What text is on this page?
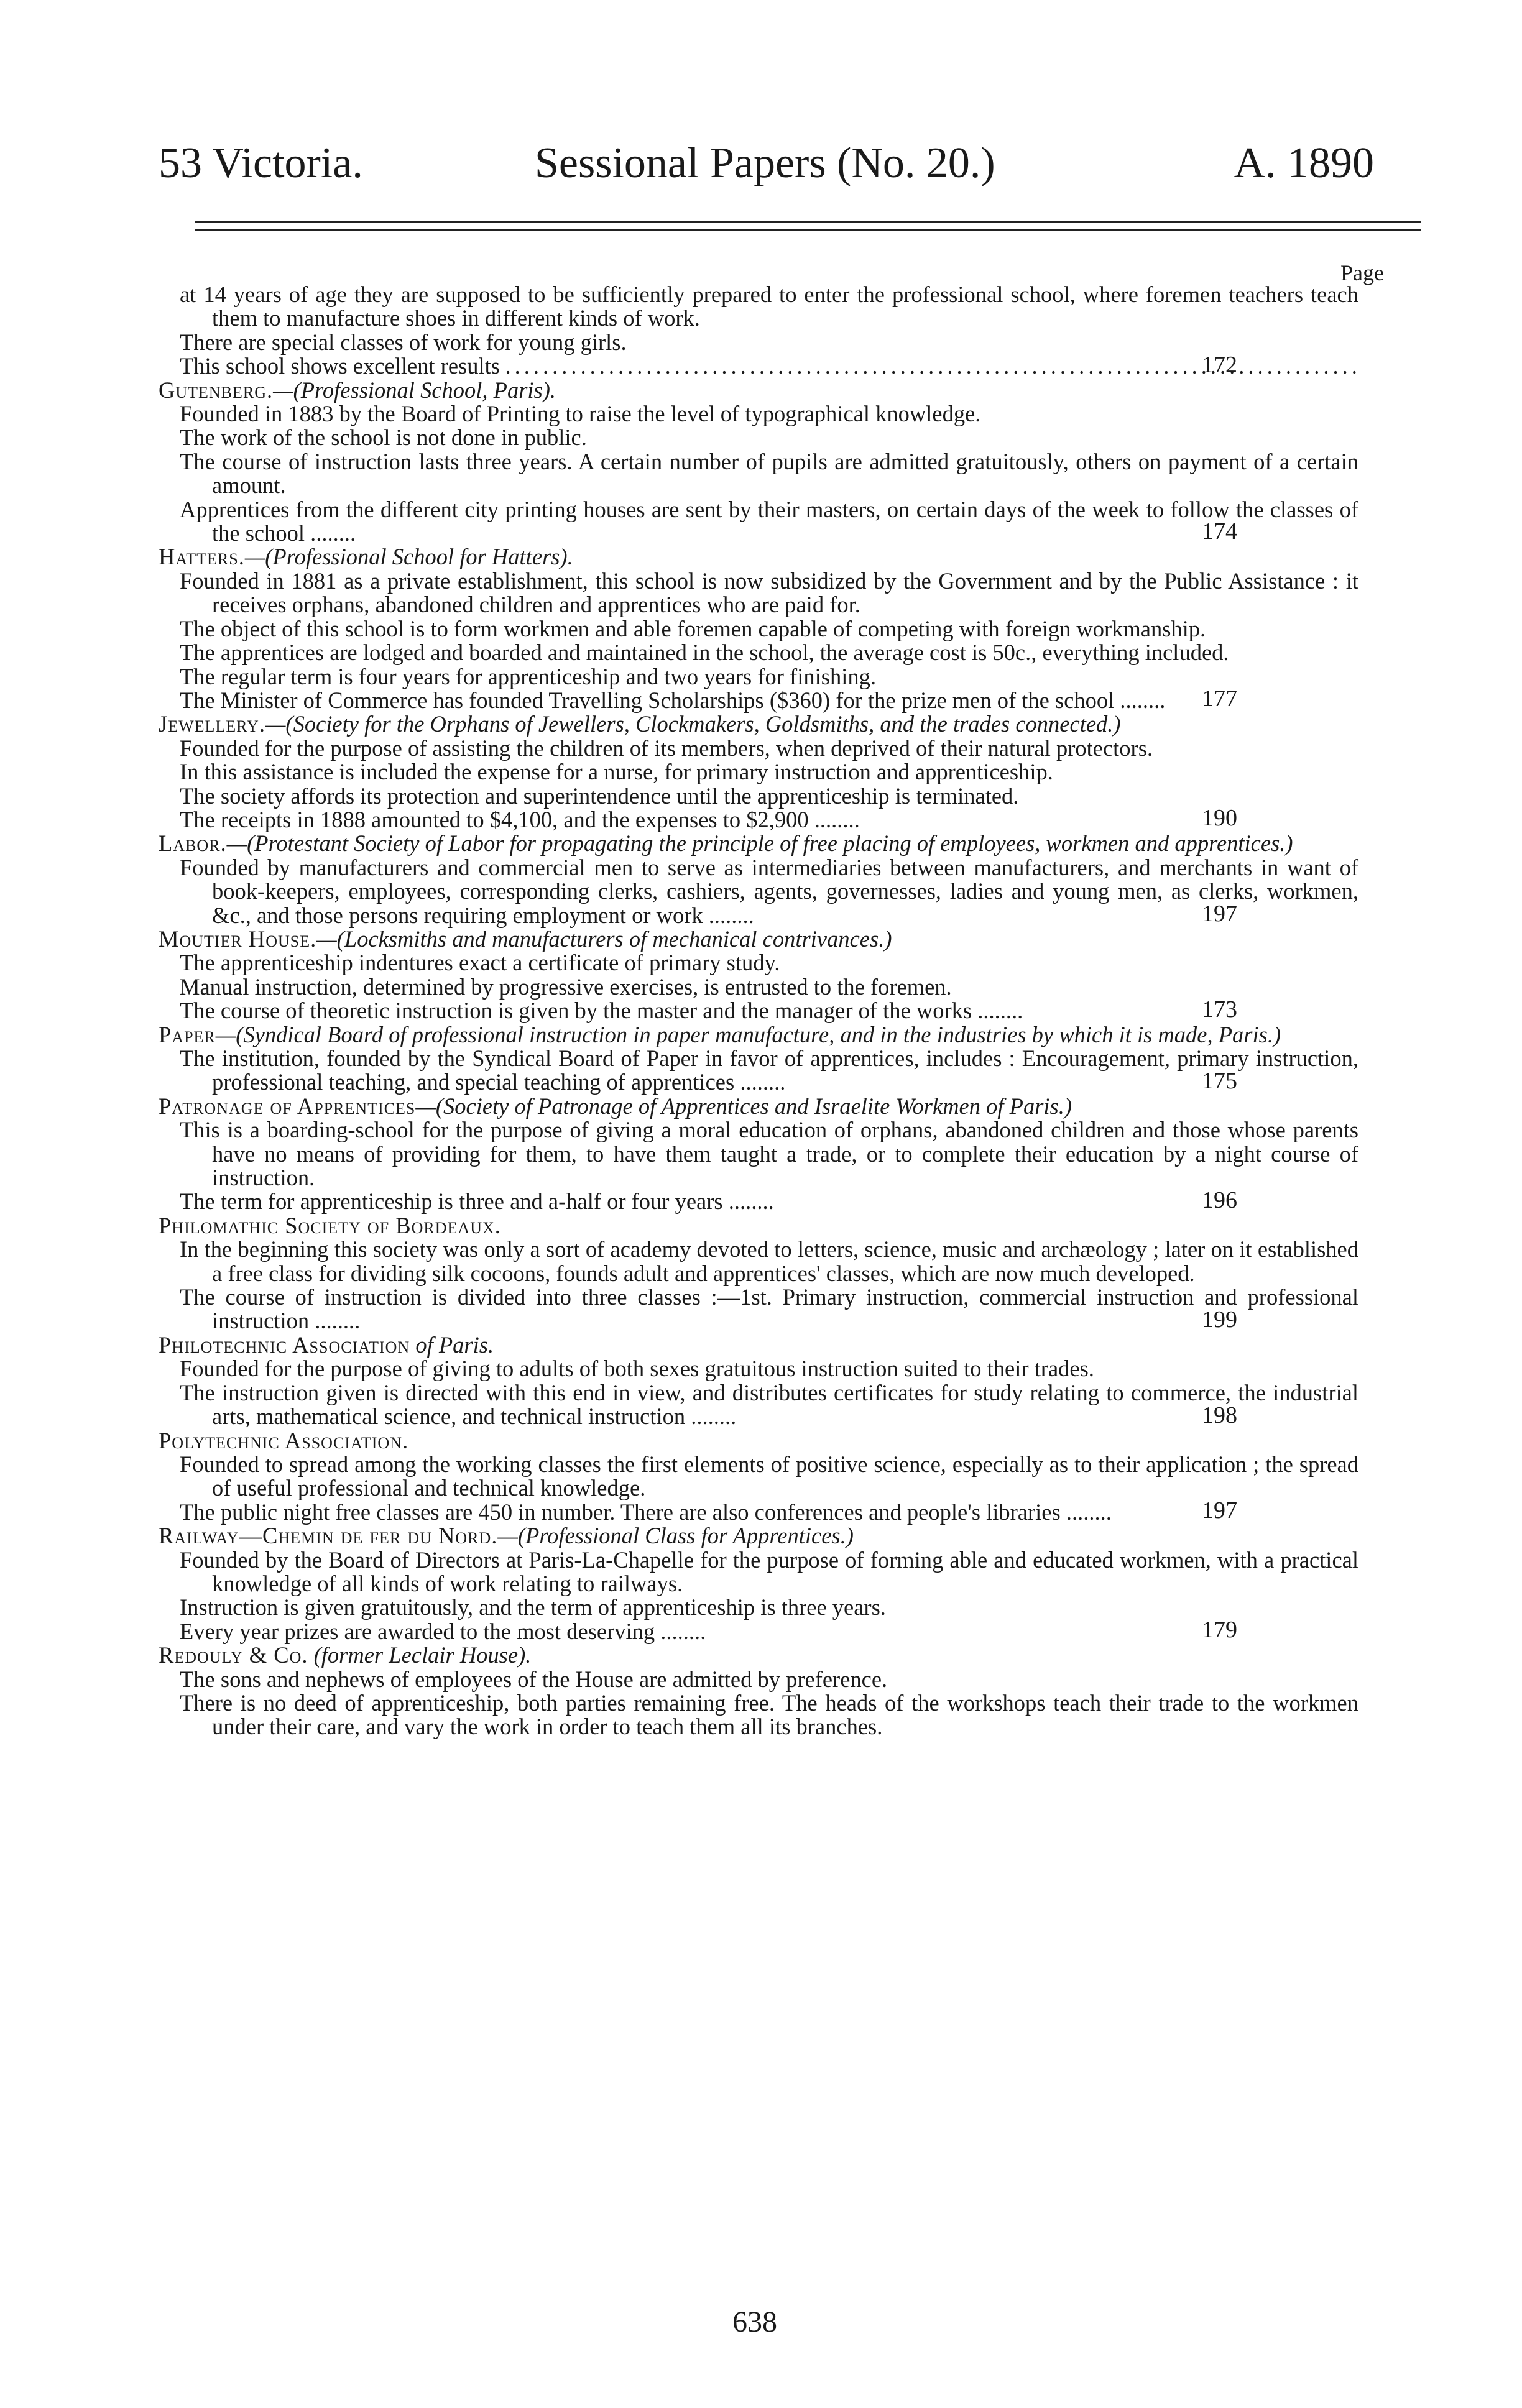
53 Victoria.	Sessional Papers (No. 20.)	A. 1890
Page
at 14 years of age they are supposed to be sufficiently prepared to enter the professional school, where foremen teachers teach them to manufacture shoes in different kinds of work.
There are special classes of work for young girls.
This school shows excellent results
.....
Gutenberg.—(Professional School, Paris).
Founded in 1883 by the Board of Printing to raise the level of typographical knowledge.
The work of the school is not done in public.
The course of instruction lasts three years. A certain number of pupils are admitted gratuitously, others on payment of a certain amount.
Apprentices from the different city printing houses are sent by their masters, on certain days of the week to follow the classes of the school ........
Hatters.—(Professional School for Hatters).
Founded in 1881 as a private establishment, this school is now subsidized by the Government and by the Public Assistance : it receives orphans, abandoned children and apprentices who are paid for.
The object of this school is to form workmen and able foremen capable of competing with foreign workmanship.
The apprentices are lodged and boarded and maintained in the school, the average cost is 50c., everything included.
The regular term is four years for apprenticeship and two years for finishing.
The Minister of Commerce has founded Travelling Scholarships ($360) for the prize men of the school ........
Jewellery.—(Society for the Orphans of Jewellers, Clockmakers, Goldsmiths, and the trades connected.)
Founded for the purpose of assisting the children of its members, when deprived of their natural protectors.
In this assistance is included the expense for a nurse, for primary instruction and apprenticeship.
The society affords its protection and superintendence until the apprenticeship is terminated.
The receipts in 1888 amounted to $4,100, and the expenses to $2,900 ........
Labor.—(Protestant Society of Labor for propagating the principle of free placing of employees, workmen and apprentices.)
Founded by manufacturers and commercial men to serve as intermediaries between manufacturers, and merchants in want of book-keepers, employees, corresponding clerks, cashiers, agents, governesses, ladies and young men, as clerks, workmen, &c., and those persons requiring employment or work ........
Moutier House.—(Locksmiths and manufacturers of mechanical contrivances.)
The apprenticeship indentures exact a certificate of primary study.
Manual instruction, determined by progressive exercises, is entrusted to the foremen.
The course of theoretic instruction is given by the master and the manager of the works ........
Paper—(Syndical Board of professional instruction in paper manufacture, and in the industries by which it is made, Paris.)
The institution, founded by the Syndical Board of Paper in favor of apprentices, includes : Encouragement, primary instruction, professional teaching, and special teaching of apprentices ........
Patronage of Apprentices—(Society of Patronage of Apprentices and Israelite Workmen of Paris.)
This is a boarding-school for the purpose of giving a moral education of orphans, abandoned children and those whose parents have no means of providing for them, to have them taught a trade, or to complete their education by a night course of instruction.
The term for apprenticeship is three and a-half or four years ........
Philomathic Society of Bordeaux.
In the beginning this society was only a sort of academy devoted to letters, science, music and archæology ; later on it established a free class for dividing silk cocoons, founds adult and apprentices' classes, which are now much developed.
The course of instruction is divided into three classes :—1st. Primary instruction, commercial instruction and professional instruction ........
Philotechnic Association of Paris.
Founded for the purpose of giving to adults of both sexes gratuitous instruction suited to their trades.
The instruction given is directed with this end in view, and distributes certificates for study relating to commerce, the industrial arts, mathematical science, and technical instruction ........
Polytechnic Association.
Founded to spread among the working classes the first elements of positive science, especially as to their application ; the spread of useful professional and technical knowledge.
The public night free classes are 450 in number. There are also conferences and people's libraries ........
Railway—Chemin de fer du Nord.—(Professional Class for Apprentices.)
Founded by the Board of Directors at Paris-La-Chapelle for the purpose of forming able and educated workmen, with a practical knowledge of all kinds of work relating to railways.
Instruction is given gratuitously, and the term of apprenticeship is three years.
Every year prizes are awarded to the most deserving ........
Redouly & Co. (former Leclair House).
The sons and nephews of employees of the House are admitted by preference.
There is no deed of apprenticeship, both parties remaining free. The heads of the workshops teach their trade to the workmen under their care, and vary the work in order to teach them all its branches.
174
177
190
197
173
175
196
199
198
197
179
172
638
